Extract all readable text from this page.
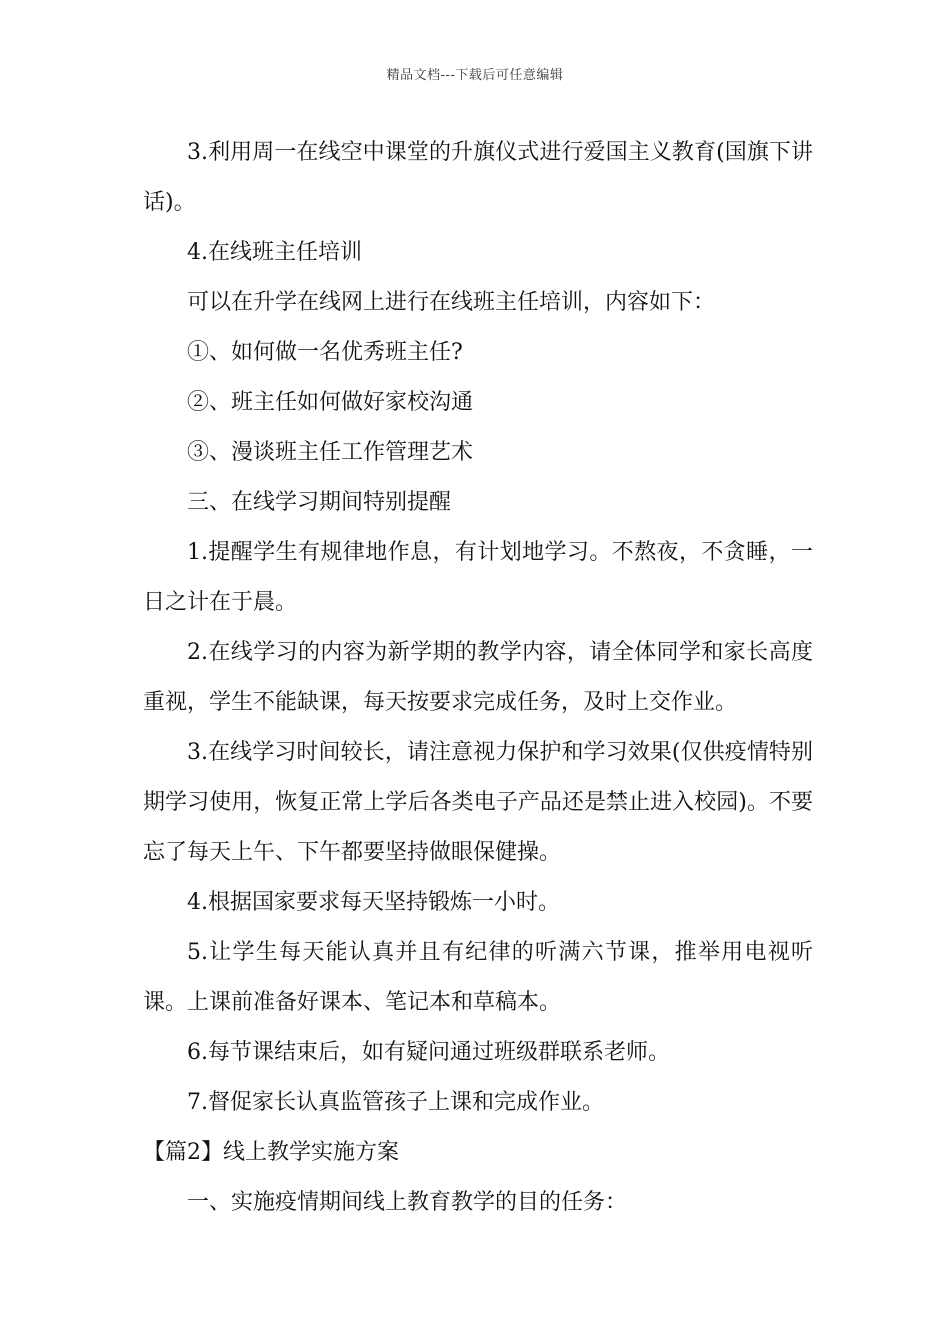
精品文档---下载后可任意编辑

3.利用周一在线空中课堂的升旗仪式进行爱国主义教育(国旗下讲话)。

4.在线班主任培训

可以在升学在线网上进行在线班主任培训，内容如下：

①、如何做一名优秀班主任?

②、班主任如何做好家校沟通

③、漫谈班主任工作管理艺术

三、在线学习期间特别提醒

1.提醒学生有规律地作息，有计划地学习。不熬夜，不贪睡，一日之计在于晨。

2.在线学习的内容为新学期的教学内容，请全体同学和家长高度重视，学生不能缺课，每天按要求完成任务，及时上交作业。

3.在线学习时间较长，请注意视力保护和学习效果(仅供疫情特别期学习使用，恢复正常上学后各类电子产品还是禁止进入校园)。不要忘了每天上午、下午都要坚持做眼保健操。

4.根据国家要求每天坚持锻炼一小时。

5.让学生每天能认真并且有纪律的听满六节课，推举用电视听课。上课前准备好课本、笔记本和草稿本。

6.每节课结束后，如有疑问通过班级群联系老师。

7.督促家长认真监管孩子上课和完成作业。

【篇2】线上教学实施方案

一、实施疫情期间线上教育教学的目的任务：
